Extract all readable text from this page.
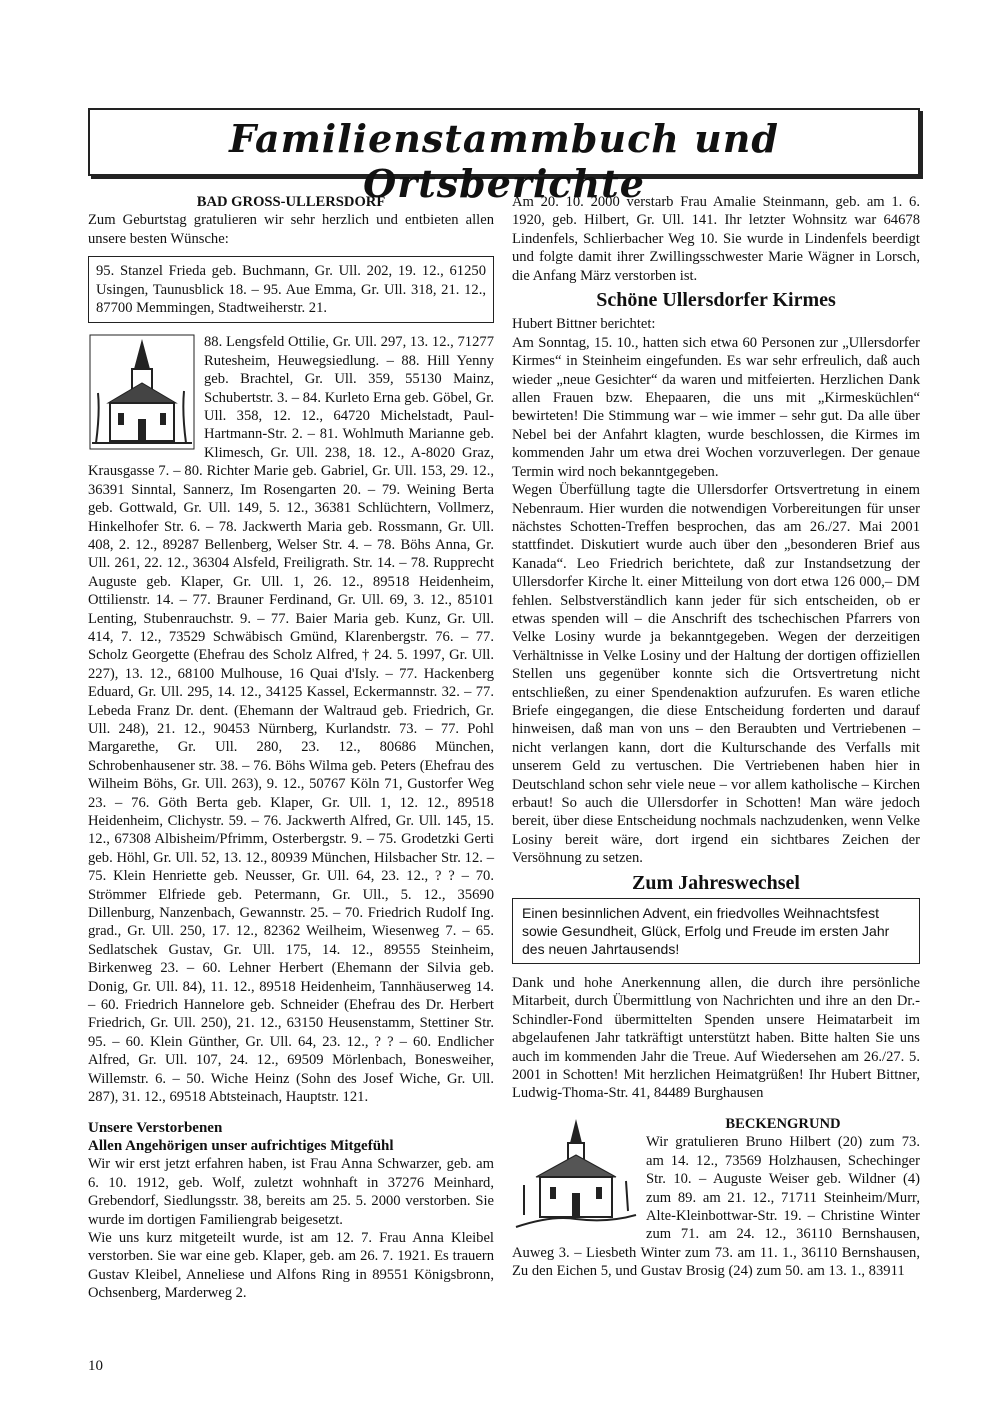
Familienstammbuch und Ortsberichte
BAD GROSS-ULLERSDORF

Zum Geburtstag gratulieren wir sehr herzlich und entbieten allen unsere besten Wünsche:

95. Stanzel Frieda geb. Buchmann, Gr. Ull. 202, 19. 12., 61250 Usingen, Taunusblick 18. – 95. Aue Emma, Gr. Ull. 318, 21. 12., 87700 Memmingen, Stadtweiherstr. 21.

88. Lengsfeld Ottilie, Gr. Ull. 297, 13. 12., 71277 Rutesheim, Heuwegsiedlung. – 88. Hill Yenny geb. Brachtel, Gr. Ull. 359, 55130 Mainz, Schubertstr. 3. – 84. Kurleto Erna geb. Göbel, Gr. Ull. 358, 12. 12., 64720 Michelstadt, Paul-Hartmann-Str. 2. – 81. Wohlmuth Marianne geb. Klimesch, Gr. Ull. 238, 18. 12., A-8020 Graz, Krausgasse 7. – 80. Richter Marie geb. Gabriel, Gr. Ull. 153, 29. 12., 36391 Sinntal, Sannerz, Im Rosengarten 20. – 79. Weining Berta geb. Gottwald, Gr. Ull. 149, 5. 12., 36381 Schlüchtern, Vollmerz, Hinkelhofer Str. 6. – 78. Jackwerth Maria geb. Rossmann, Gr. Ull. 408, 2. 12., 89287 Bellenberg, Welser Str. 4. – 78. Böhs Anna, Gr. Ull. 261, 22. 12., 36304 Alsfeld, Freiligrath. Str. 14. – 78. Rupprecht Auguste geb. Klaper, Gr. Ull. 1, 26. 12., 89518 Heidenheim, Ottilienstr. 14. – 77. Brauner Ferdinand, Gr. Ull. 69, 3. 12., 85101 Lenting, Stubenrauchstr. 9. – 77. Baier Maria geb. Kunz, Gr. Ull. 414, 7. 12., 73529 Schwäbisch Gmünd, Klarenbergstr. 76. – 77. Scholz Georgette (Ehefrau des Scholz Alfred, † 24. 5. 1997, Gr. Ull. 227), 13. 12., 68100 Mulhouse, 16 Quai d'Isly. – 77. Hackenberg Eduard, Gr. Ull. 295, 14. 12., 34125 Kassel, Eckermannstr. 32. – 77. Lebeda Franz Dr. dent. (Ehemann der Waltraud geb. Friedrich, Gr. Ull. 248), 21. 12., 90453 Nürnberg, Kurlandstr. 73. – 77. Pohl Margarethe, Gr. Ull. 280, 23. 12., 80686 München, Schrobenhausener str. 38. – 76. Böhs Wilma geb. Peters (Ehefrau des Wilheim Böhs, Gr. Ull. 263), 9. 12., 50767 Köln 71, Gustorfer Weg 23. – 76. Göth Berta geb. Klaper, Gr. Ull. 1, 12. 12., 89518 Heidenheim, Clichystr. 59. – 76. Jackwerth Alfred, Gr. Ull. 145, 15. 12., 67308 Albisheim/Pfrimm, Osterbergstr. 9. – 75. Grodetzki Gerti geb. Höhl, Gr. Ull. 52, 13. 12., 80939 München, Hilsbacher Str. 12. – 75. Klein Henriette geb. Neusser, Gr. Ull. 64, 23. 12., ? ? – 70. Strömmer Elfriede geb. Petermann, Gr. Ull., 5. 12., 35690 Dillenburg, Nanzenbach, Gewannstr. 25. – 70. Friedrich Rudolf Ing. grad., Gr. Ull. 250, 17. 12., 82362 Weilheim, Wiesenweg 7. – 65. Sedlatschek Gustav, Gr. Ull. 175, 14. 12., 89555 Steinheim, Birkenweg 23. – 60. Lehner Herbert (Ehemann der Silvia geb. Donig, Gr. Ull. 84), 11. 12., 89518 Heidenheim, Tannhäuserweg 14. – 60. Friedrich Hannelore geb. Schneider (Ehefrau des Dr. Herbert Friedrich, Gr. Ull. 250), 21. 12., 63150 Heusenstamm, Stettiner Str. 95. – 60. Klein Günther, Gr. Ull. 64, 23. 12., ? ? – 60. Endlicher Alfred, Gr. Ull. 107, 24. 12., 69509 Mörlenbach, Bonesweiher, Willemstr. 6. – 50. Wiche Heinz (Sohn des Josef Wiche, Gr. Ull. 287), 31. 12., 69518 Abtsteinach, Hauptstr. 121.

Unsere Verstorbenen
Allen Angehörigen unser aufrichtiges Mitgefühl

Wir wir erst jetzt erfahren haben, ist Frau Anna Schwarzer, geb. am 6. 10. 1912, geb. Wolf, zuletzt wohnhaft in 37276 Meinhard, Grebendorf, Siedlungsstr. 38, bereits am 25. 5. 2000 verstorben. Sie wurde im dortigen Familiengrab beigesetzt.

Wie uns kurz mitgeteilt wurde, ist am 12. 7. Frau Anna Kleibel verstorben. Sie war eine geb. Klaper, geb. am 26. 7. 1921. Es trauern Gustav Kleibel, Anneliese und Alfons Ring in 89551 Königsbronn, Ochsenberg, Marderweg 2.

Am 20. 10. 2000 verstarb Frau Amalie Steinmann, geb. am 1. 6. 1920, geb. Hilbert, Gr. Ull. 141. Ihr letzter Wohnsitz war 64678 Lindenfels, Schlierbacher Weg 10. Sie wurde in Lindenfels beerdigt und folgte damit ihrer Zwillingsschwester Marie Wägner in Lorsch, die Anfang März verstorben ist.

Schöne Ullersdorfer Kirmes

Hubert Bittner berichtet:

Am Sonntag, 15. 10., hatten sich etwa 60 Personen zur „Ullersdorfer Kirmes“ in Steinheim eingefunden. Es war sehr erfreulich, daß auch wieder „neue Gesichter“ da waren und mitfeierten. Herzlichen Dank allen Frauen bzw. Ehepaaren, die uns mit „Kirmesküchlen“ bewirteten! Die Stimmung war – wie immer – sehr gut. Da alle über Nebel bei der Anfahrt klagten, wurde beschlossen, die Kirmes im kommenden Jahr um etwa drei Wochen vorzuverlegen. Der genaue Termin wird noch bekanntgegeben.

Wegen Überfüllung tagte die Ullersdorfer Ortsvertretung in einem Nebenraum. Hier wurden die notwendigen Vorbereitungen für unser nächstes Schotten-Treffen besprochen, das am 26./27. Mai 2001 stattfindet. Diskutiert wurde auch über den „besonderen Brief aus Kanada“. Leo Friedrich berichtete, daß zur Instandsetzung der Ullersdorfer Kirche lt. einer Mitteilung von dort etwa 126 000,– DM fehlen. Selbstverständlich kann jeder für sich entscheiden, ob er etwas spenden will – die Anschrift des tschechischen Pfarrers von Velke Losiny wurde ja bekanntgegeben. Wegen der derzeitigen Verhältnisse in Velke Losiny und der Haltung der dortigen offiziellen Stellen uns gegenüber konnte sich die Ortsvertretung nicht entschließen, zu einer Spendenaktion aufzurufen. Es waren etliche Briefe eingegangen, die diese Entscheidung forderten und darauf hinweisen, daß man von uns – den Beraubten und Vertriebenen – nicht verlangen kann, dort die Kulturschande des Verfalls mit unserem Geld zu vertuschen. Die Vertriebenen haben hier in Deutschland schon sehr viele neue – vor allem katholische – Kirchen erbaut! So auch die Ullersdorfer in Schotten! Man wäre jedoch bereit, über diese Entscheidung nochmals nachzudenken, wenn Velke Losiny bereit wäre, dort irgend ein sichtbares Zeichen der Versöhnung zu setzen.

Zum Jahreswechsel

Einen besinnlichen Advent, ein friedvolles Weihnachtsfest sowie Gesundheit, Glück, Erfolg und Freude im ersten Jahr des neuen Jahrtausends!

Dank und hohe Anerkennung allen, die durch ihre persönliche Mitarbeit, durch Übermittlung von Nachrichten und ihre an den Dr.-Schindler-Fond übermittelten Spenden unsere Heimatarbeit im abgelaufenen Jahr tatkräftigt unterstützt haben. Bitte halten Sie uns auch im kommenden Jahr die Treue. Auf Wiedersehen am 26./27. 5. 2001 in Schotten! Mit herzlichen Heimatgrüßen! Ihr Hubert Bittner, Ludwig-Thoma-Str. 41, 84489 Burghausen

BECKENGRUND

Wir gratulieren Bruno Hilbert (20) zum 73. am 14. 12., 73569 Holzhausen, Schechinger Str. 10. – Auguste Weiser geb. Wildner (4) zum 89. am 21. 12., 71711 Steinheim/Murr, Alte-Kleinbottwar-Str. 19. – Christine Winter zum 71. am 24. 12., 36110 Bernshausen, Auweg 3. – Liesbeth Winter zum 73. am 11. 1., 36110 Bernshausen, Zu den Eichen 5, und Gustav Brosig (24) zum 50. am 13. 1., 83911

10
